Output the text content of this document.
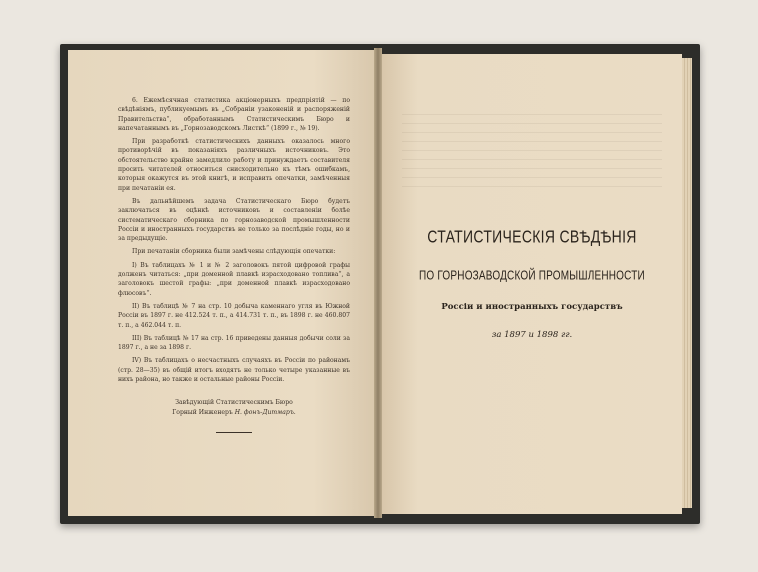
6. Ежемѣсячная статистика акціонерныхъ предпріятій — по свѣдѣніямъ, публикуемымъ въ „Собраніи узаконеній и распоряженій Правительства“, обработаннымъ Статистическимъ Бюро и напечатаннымъ въ „Горнозаводскомъ Листкѣ“ (1899 г., № 19).

При разработкѣ статистическихъ данныхъ оказалось много противорѣчій въ показаніяхъ различныхъ источниковъ. Это обстоятельство крайне замедлило работу и принуждаетъ составителя просить читателей относиться снисходительно къ тѣмъ ошибкамъ, которыя окажутся въ этой книгѣ, и исправить опечатки, замѣченныя при печатаніи ея.

Въ дальнѣйшемъ задача Статистическаго Бюро будетъ заключаться въ оцѣнкѣ источниковъ и составленіи болѣе систематическаго сборника по горнозаводской промышленности Россіи и иностранныхъ государствъ не только за послѣдніе годы, но и за предыдущіе.

При печатаніи сборника были замѣчены слѣдующія опечатки:

I) Въ таблицахъ № 1 и № 2 заголовокъ пятой цифровой графы долженъ читаться: „при доменной плавкѣ израсходовано топлива“, а заголовокъ шестой графы: „при доменной плавкѣ израсходовано флюсовъ“.

II) Въ таблицѣ № 7 на стр. 10 добыча каменнаго угля въ Южной Россіи въ 1897 г. не 412.524 т. п., а 414.731 т. п., въ 1898 г. не 460.807 т. п., а 462.044 т. п.

III) Въ таблицѣ № 17 на стр. 16 приведены данныя добычи соли за 1897 г., а не за 1898 г.

IV) Въ таблицахъ о несчастныхъ случаяхъ въ Россіи по районамъ (стр. 28—35) въ общій итогъ входятъ не только четыре указанные въ нихъ района, но также и остальные районы Россіи.

Завѣдующій Статистическимъ Бюро
Горный Инженеръ Н. фонъ-Дитмаръ.
СТАТИСТИЧЕСКІЯ СВѢДѢНІЯ
ПО ГОРНОЗАВОДСКОЙ ПРОМЫШЛЕННОСТИ
Россіи и иностранныхъ государствъ
за 1897 и 1898 гг.
